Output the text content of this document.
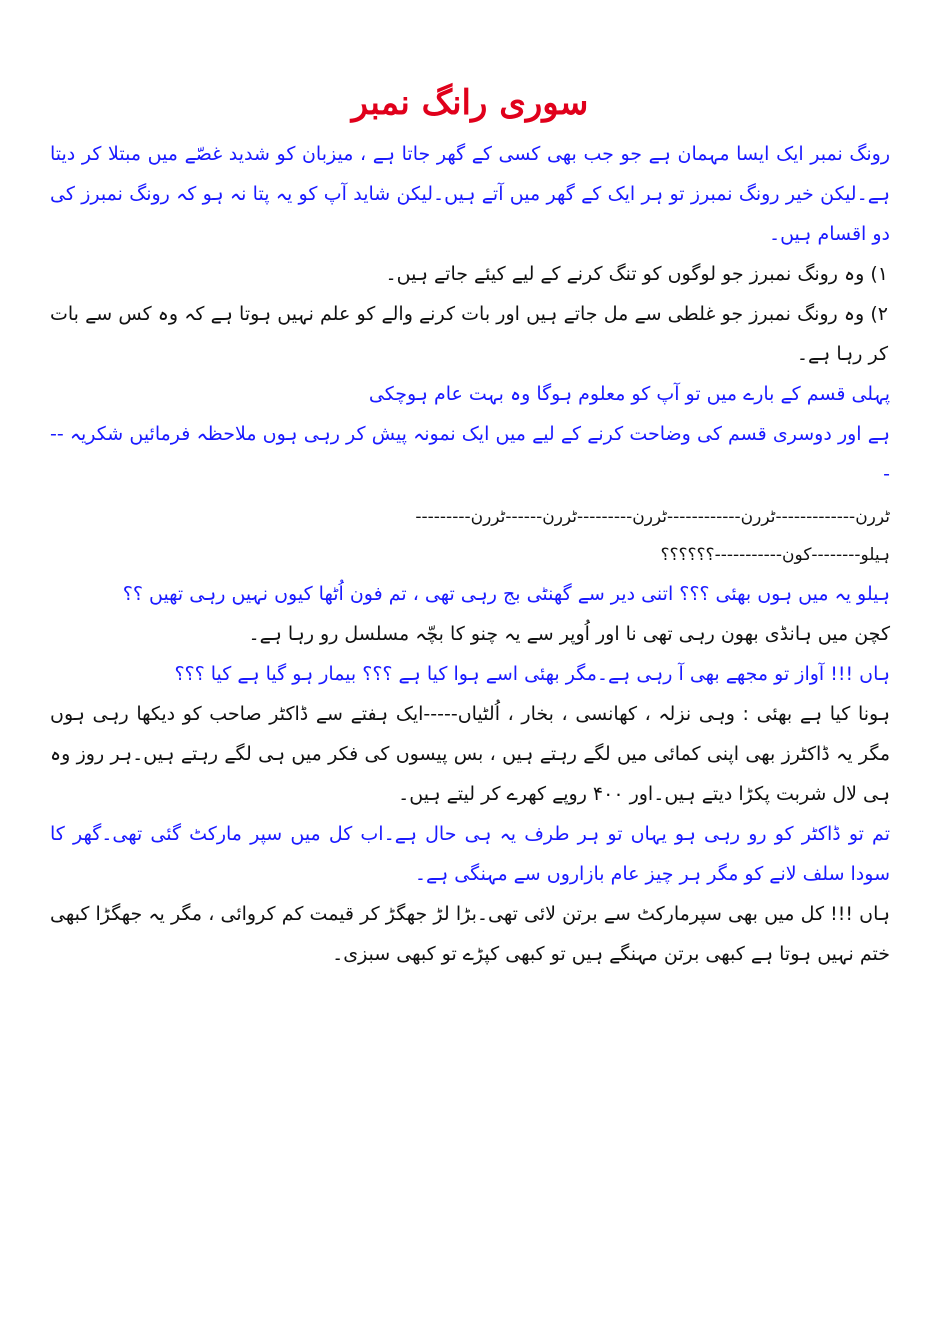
سوری رانگ نمبر

رونگ نمبر ایک ایسا مہمان ہے جو جب بھی کسی کے گھر جاتا ہے ، میزبان کو شدید غصّے میں مبتلا کر دیتا ہے۔لیکن خیر رونگ نمبرز تو ہر ایک کے گھر میں آتے ہیں۔لیکن شاید آپ کو یہ پتا نہ ہو کہ رونگ نمبرز کی دو اقسام ہیں۔

۱) وہ رونگ نمبرز جو لوگوں کو تنگ کرنے کے لیے کیئے جاتے ہیں۔

۲) وہ رونگ نمبرز جو غلطی سے مل جاتے ہیں اور بات کرنے والے کو علم نہیں ہوتا ہے کہ وہ کس سے بات کر رہا ہے۔

پہلی قسم کے بارے میں تو آپ کو معلوم ہوگا وہ بہت عام ہوچکی

ہے اور دوسری قسم کی وضاحت کرنے کے لیے میں ایک نمونہ پیش کر رہی ہوں ملاحظہ فرمائیں شکریہ ---

ٹررن-------------ٹررن------------ٹررن---------ٹررن------ٹررن---------

ہیلو--------کون-----------؟؟؟؟؟؟

ہیلو یہ میں ہوں بھئی ؟؟؟ اتنی دیر سے گھنٹی بج رہی تھی ، تم فون اُٹھا کیوں نہیں رہی تھیں ؟؟

کچن میں ہانڈی بھون رہی تھی نا اور اُوپر سے یہ چنو کا بچّہ مسلسل رو رہا ہے۔

ہاں !!! آواز تو مجھے بھی آ رہی ہے۔مگر بھئی اسے ہوا کیا ہے ؟؟؟ بیمار ہو گیا ہے کیا ؟؟؟

ہونا کیا ہے بھئی : وہی نزلہ ، کھانسی ، بخار ، اُلٹیاں-----ایک ہفتے سے ڈاکٹر صاحب کو دیکھا رہی ہوں مگر یہ ڈاکٹرز بھی اپنی کمائی میں لگے رہتے ہیں ، بس پیسوں کی فکر میں ہی لگے رہتے ہیں۔ہر روز وہ ہی لال شربت پکڑا دیتے ہیں۔اور ۴۰۰ روپے کھرے کر لیتے ہیں۔

تم تو ڈاکٹر کو رو رہی ہو یہاں تو ہر طرف یہ ہی حال ہے۔اب کل میں سپر مارکٹ گئی تھی۔گھر کا سودا سلف لانے کو مگر ہر چیز عام بازاروں سے مہنگی ہے۔

ہاں !!! کل میں بھی سپرمارکٹ سے برتن لائی تھی۔بڑا لڑ جھگڑ کر قیمت کم کروائی ، مگر یہ جھگڑا کبھی ختم نہیں ہوتا ہے کبھی برتن مہنگے ہیں تو کبھی کپڑے تو کبھی سبزی۔
